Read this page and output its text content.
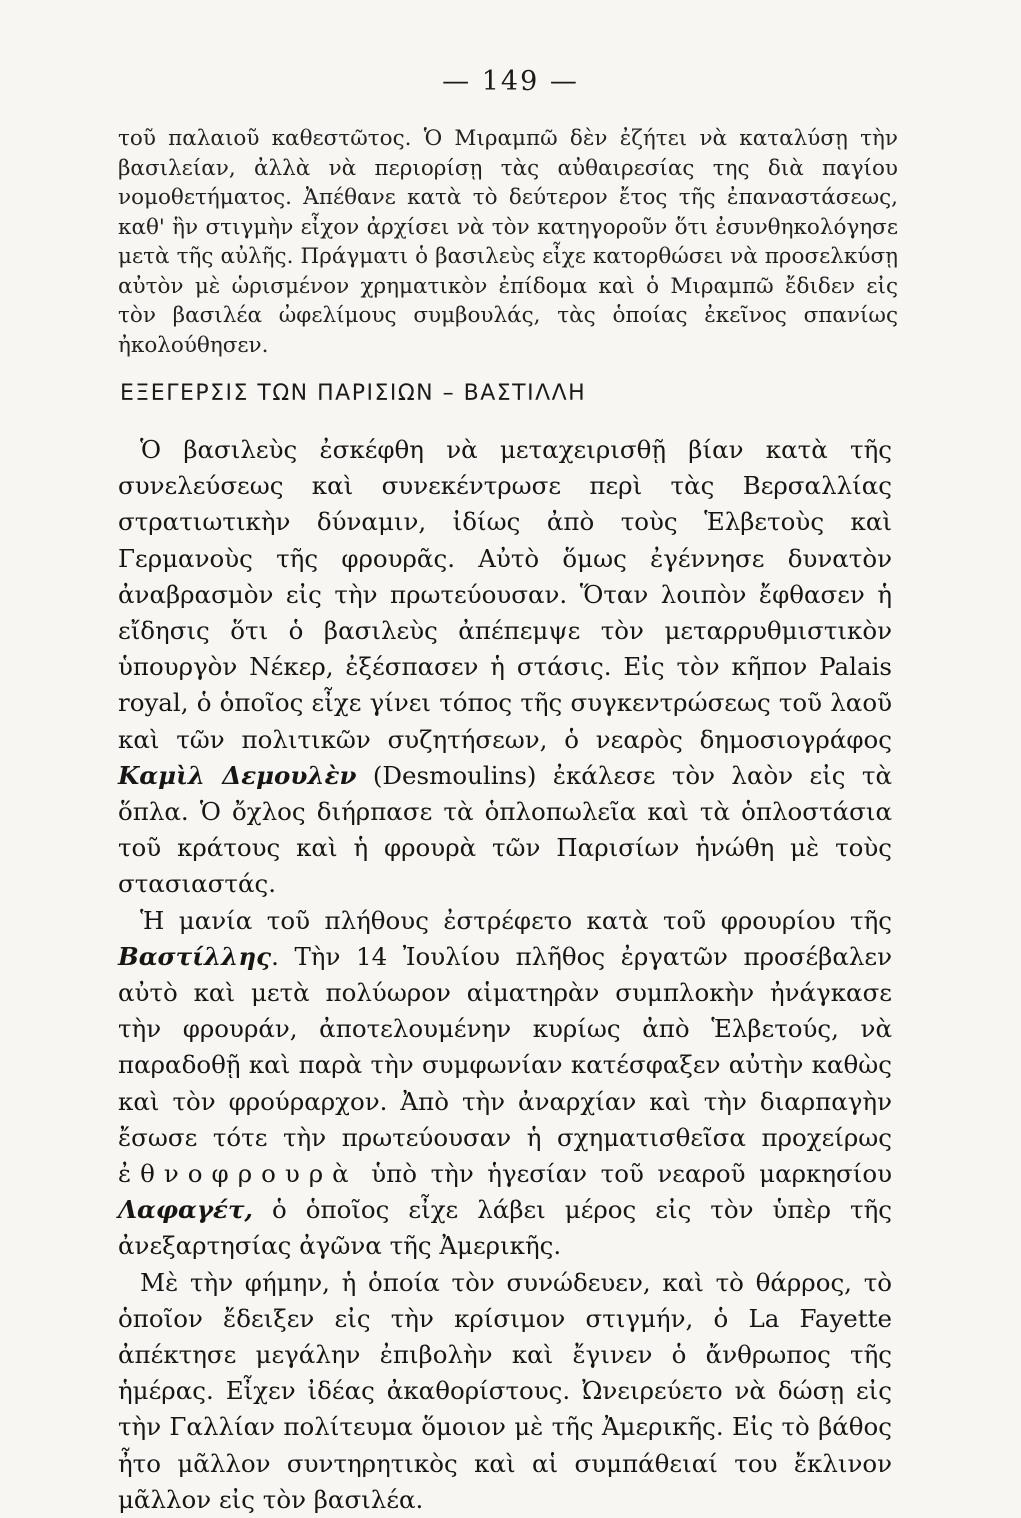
— 149 —
τοῦ παλαιοῦ καθεστῶτος. Ὁ Μιραμπῶ δὲν ἐζήτει νὰ καταλύσῃ τὴν βασιλείαν, ἀλλὰ νὰ περιορίσῃ τὰς αὐθαιρεσίας της διὰ παγίου νομοθετήματος. Ἀπέθανε κατὰ τὸ δεύτερον ἔτος τῆς ἐπαναστάσεως, καθ' ἣν στιγμὴν εἶχον ἀρχίσει νὰ τὸν κατηγοροῦν ὅτι ἐσυνθηκολόγησε μετὰ τῆς αὐλῆς. Πράγματι ὁ βασιλεὺς εἶχε κατορθώσει νὰ προσελκύσῃ αὐτὸν μὲ ὡρισμένον χρηματικὸν ἐπίδομα καὶ ὁ Μιραμπῶ ἔδιδεν εἰς τὸν βασιλέα ὠφελίμους συμβουλάς, τὰς ὁποίας ἐκεῖνος σπανίως ἠκολούθησεν.
ΕΞΕΓΕΡΣΙΣ ΤΩΝ ΠΑΡΙΣΙΩΝ – ΒΑΣΤΙΛΛΗ

Ὁ βασιλεὺς ἐσκέφθη νὰ μεταχειρισθῇ βίαν κατὰ τῆς συνελεύσεως καὶ συνεκέντρωσε περὶ τὰς Βερσαλλίας στρατιωτικὴν δύναμιν, ἰδίως ἀπὸ τοὺς Ἑλβετοὺς καὶ Γερμανοὺς τῆς φρουρᾶς. Αὐτὸ ὅμως ἐγέννησε δυνατὸν ἀναβρασμὸν εἰς τὴν πρωτεύουσαν. Ὅταν λοιπὸν ἔφθασεν ἡ εἴδησις ὅτι ὁ βασιλεὺς ἀπέπεμψε τὸν μεταρρυθμιστικὸν ὑπουργὸν Νέκερ, ἐξέσπασεν ἡ στάσις. Εἰς τὸν κῆπον Palais royal, ὁ ὁποῖος εἶχε γίνει τόπος τῆς συγκεντρώσεως τοῦ λαοῦ καὶ τῶν πολιτικῶν συζητήσεων, ὁ νεαρὸς δημοσιογράφος Καμὶλ Δεμουλὲν (Desmoulins) ἐκάλεσε τὸν λαὸν εἰς τὰ ὅπλα. Ὁ ὄχλος διήρπασε τὰ ὁπλοπωλεῖα καὶ τὰ ὁπλοστάσια τοῦ κράτους καὶ ἡ φρουρὰ τῶν Παρισίων ἡνώθη μὲ τοὺς στασιαστάς.

Ἡ μανία τοῦ πλήθους ἐστρέφετο κατὰ τοῦ φρουρίου τῆς Βαστίλλης. Τὴν 14 Ἰουλίου πλῆθος ἐργατῶν προσέβαλεν αὐτὸ καὶ μετὰ πολύωρον αἱματηρὰν συμπλοκὴν ἠνάγκασε τὴν φρουράν, ἀποτελουμένην κυρίως ἀπὸ Ἑλβετούς, νὰ παραδοθῇ καὶ παρὰ τὴν συμφωνίαν κατέσφαξεν αὐτὴν καθὼς καὶ τὸν φρούραρχον. Ἀπὸ τὴν ἀναρχίαν καὶ τὴν διαρπαγὴν ἔσωσε τότε τὴν πρωτεύουσαν ἡ σχηματισθεῖσα προχείρως ἐθνοφρουρὰ ὑπὸ τὴν ἡγεσίαν τοῦ νεαροῦ μαρκησίου Λαφαγέτ, ὁ ὁποῖος εἶχε λάβει μέρος εἰς τὸν ὑπὲρ τῆς ἀνεξαρτησίας ἀγῶνα τῆς Ἀμερικῆς.

Μὲ τὴν φήμην, ἡ ὁποία τὸν συνώδευεν, καὶ τὸ θάρρος, τὸ ὁποῖον ἔδειξεν εἰς τὴν κρίσιμον στιγμήν, ὁ La Fayette ἀπέκτησε μεγάλην ἐπιβολὴν καὶ ἔγινεν ὁ ἄνθρωπος τῆς ἡμέρας. Εἶχεν ἰδέας ἀκαθορίστους. Ὠνειρεύετο νὰ δώσῃ εἰς τὴν Γαλλίαν πολίτευμα ὅμοιον μὲ τῆς Ἀμερικῆς. Εἰς τὸ βάθος ἦτο μᾶλλον συντηρητικὸς καὶ αἱ συμπάθειαί του ἔκλινον μᾶλλον εἰς τὸν βασιλέα.
